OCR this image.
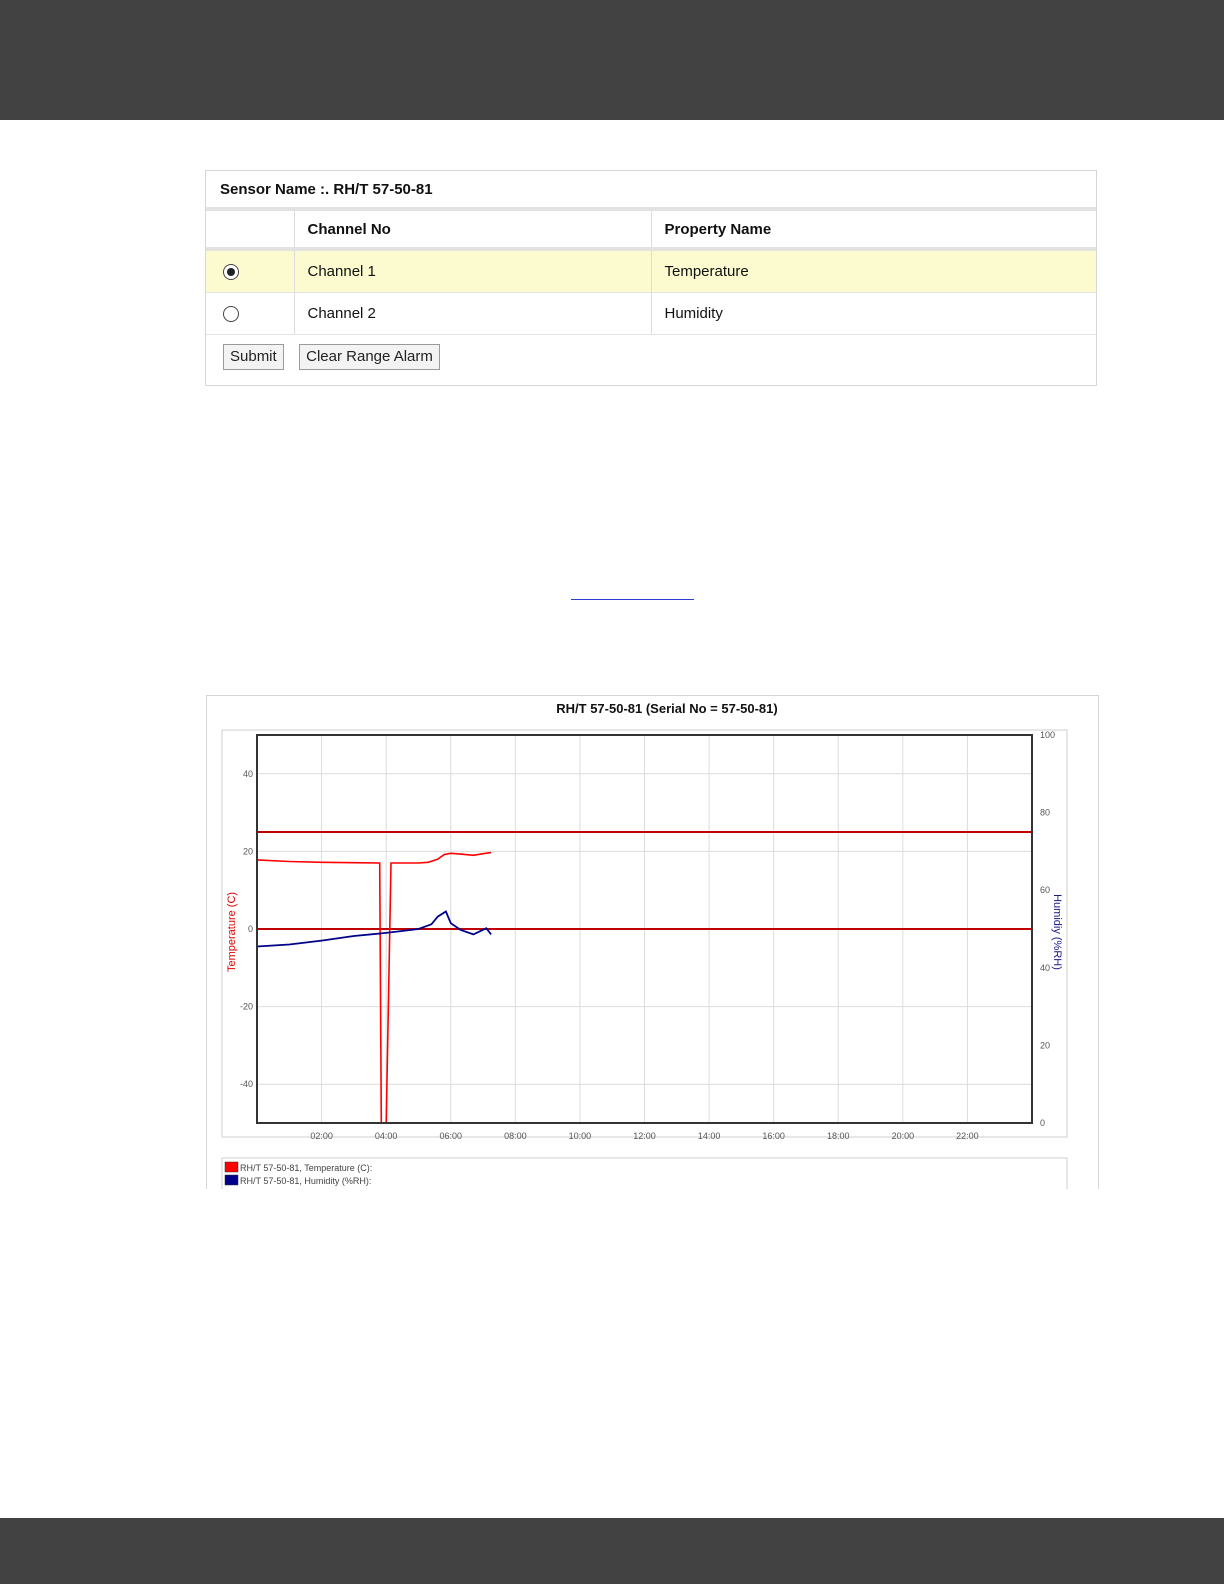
Sensor Name :. RH/T 57-50-81
	Channel No	Property Name
	Channel 1	Temperature
	Channel 2	Humidity
Submit Clear Range Alarm
RH/T 57-50-81 (Serial No = 57-50-81)
02:00	04:00	06:00	08:00	10:00	12:00	14:00	16:00	18:00	20:00	22:00
40
20
0
-20
-40
100
80
60
40
20
0
Temperature (C)	Humidiy (%RH)
RH/T 57-50-81, Temperature (C):
RH/T 57-50-81, Humidity (%RH):
